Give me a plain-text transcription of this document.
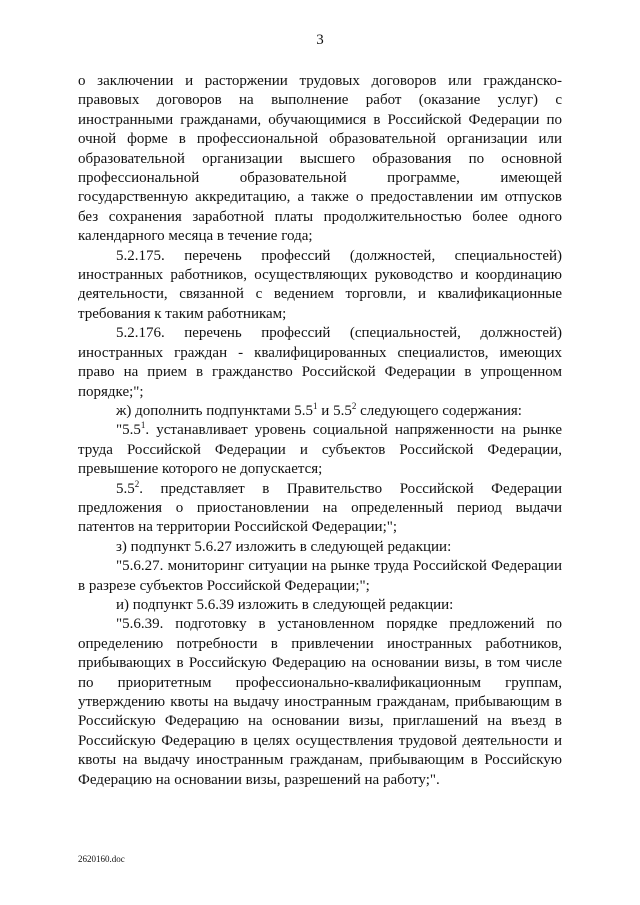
3

о заключении и расторжении трудовых договоров или гражданско-правовых договоров на выполнение работ (оказание услуг) с иностранными гражданами, обучающимися в Российской Федерации по очной форме в профессиональной образовательной организации или образовательной организации высшего образования по основной профессиональной образовательной программе, имеющей государственную аккредитацию, а также о предоставлении им отпусков без сохранения заработной платы продолжительностью более одного календарного месяца в течение года;

5.2.175. перечень профессий (должностей, специальностей) иностранных работников, осуществляющих руководство и координацию деятельности, связанной с ведением торговли, и квалификационные требования к таким работникам;

5.2.176. перечень профессий (специальностей, должностей) иностранных граждан - квалифицированных специалистов, имеющих право на прием в гражданство Российской Федерации в упрощенном порядке;";

ж) дополнить подпунктами $5.5^1$ и $5.5^2$ следующего содержания:

"$5.5^1$. устанавливает уровень социальной напряженности на рынке труда Российской Федерации и субъектов Российской Федерации, превышение которого не допускается;

$5.5^2$. представляет в Правительство Российской Федерации предложения о приостановлении на определенный период выдачи патентов на территории Российской Федерации;";

з) подпункт 5.6.27 изложить в следующей редакции:

"5.6.27. мониторинг ситуации на рынке труда Российской Федерации в разрезе субъектов Российской Федерации;";

и) подпункт 5.6.39 изложить в следующей редакции:

"5.6.39. подготовку в установленном порядке предложений по определению потребности в привлечении иностранных работников, прибывающих в Российскую Федерацию на основании визы, в том числе по приоритетным профессионально-квалификационным группам, утверждению квоты на выдачу иностранным гражданам, прибывающим в Российскую Федерацию на основании визы, приглашений на въезд в Российскую Федерацию в целях осуществления трудовой деятельности и квоты на выдачу иностранным гражданам, прибывающим в Российскую Федерацию на основании визы, разрешений на работу;".

2620160.doc
